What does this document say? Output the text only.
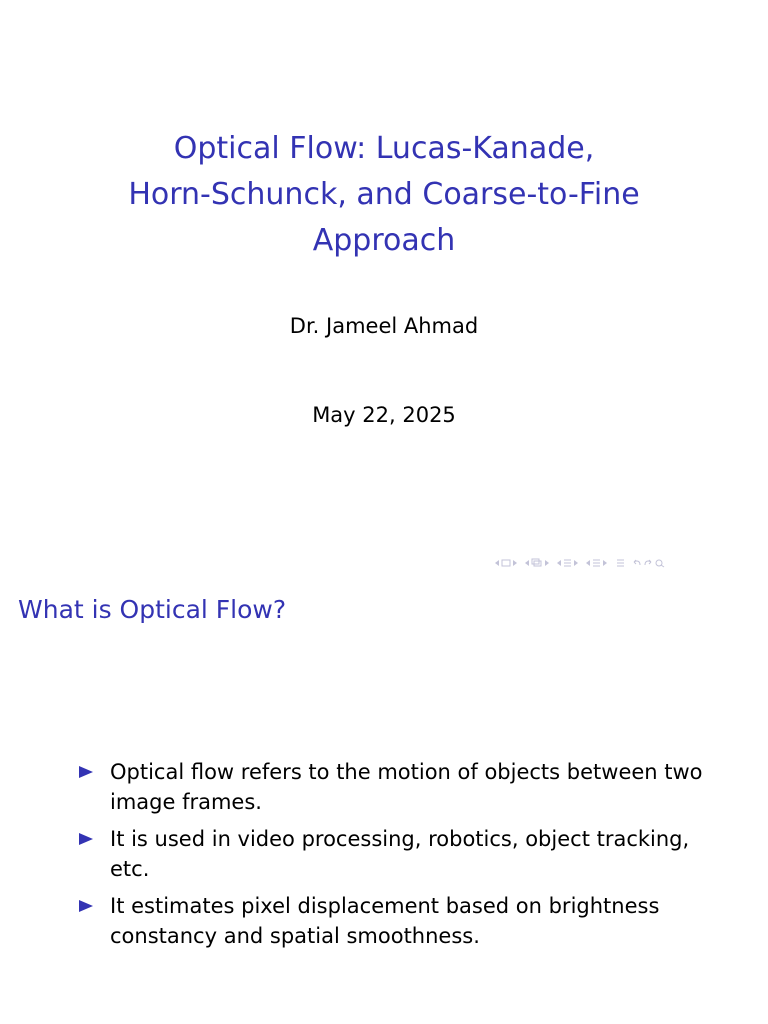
Optical Flow: Lucas-Kanade,
Horn-Schunck, and Coarse-to-Fine
Approach
Dr. Jameel Ahmad
May 22, 2025
What is Optical Flow?
Optical flow refers to the motion of objects between two image frames.
It is used in video processing, robotics, object tracking, etc.
It estimates pixel displacement based on brightness constancy and spatial smoothness.
